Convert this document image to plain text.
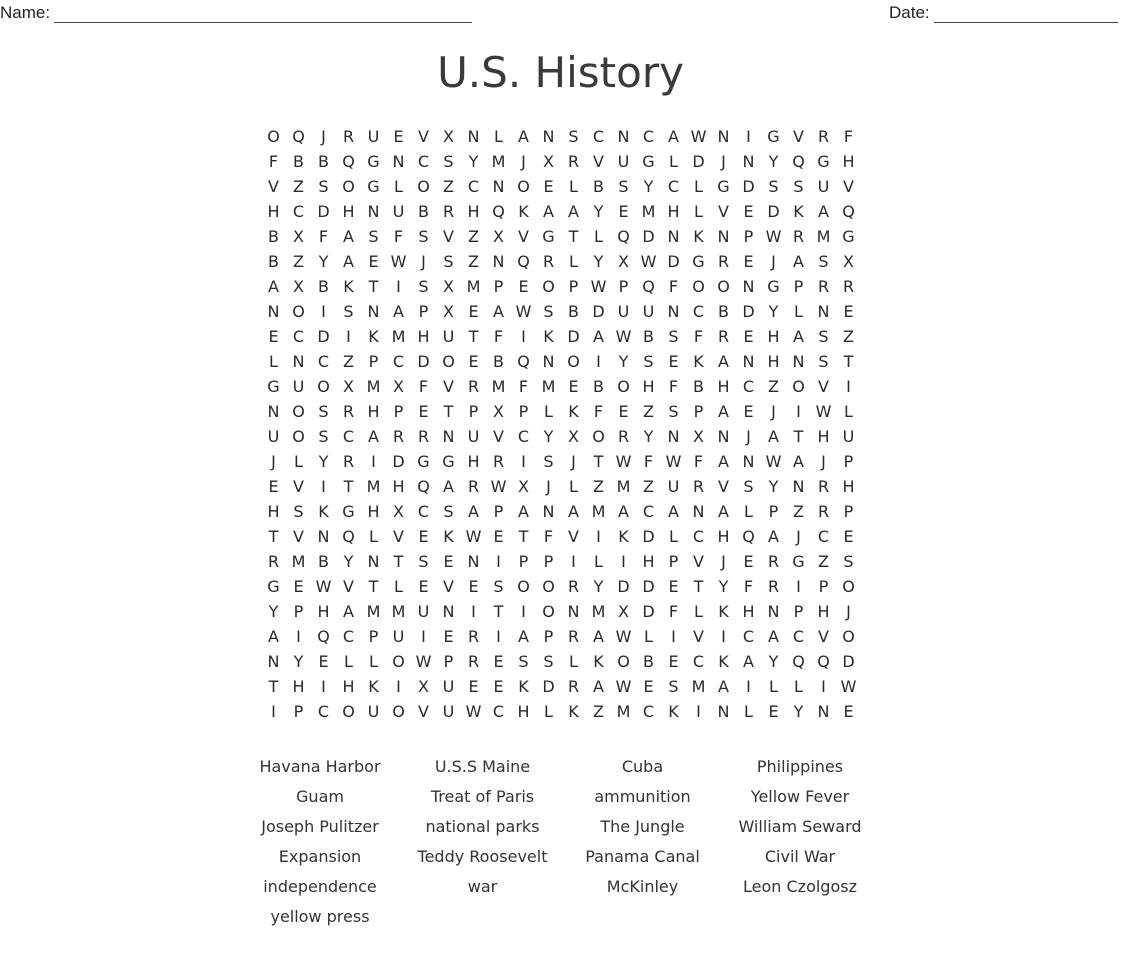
Name:	Date:
U.S. History
O Q	J	R U E V X N L A N S C N C A W N	I	G V R F
F B B Q G N C S Y M J	X R V U G L D	J	N Y Q G H
V Z S O G L O Z C N O E L B S Y C L G D S S U V
H C D H N U B R H Q K A A Y E M H L V E D K A Q
B X F A S F S V Z X V G T L Q D N K N P W R M G
B Z Y A E W J	S Z N Q R L Y X W D G R E	J	A S X
A X B K T	I	S X M P E O P W P Q F O O N G P R R
N O	I	S N A P X E A W S B D U U N C B D Y L N E
E C D	I	K M H U T F	I	K D A W B S F R E H A S Z
L N C Z P C D O E B Q N O	I	Y S E K A N H N S T
G U O X M X F V R M F M E B O H F B H C Z O V	I
N O S R H P E T P X P L K F E Z S P A E	J	I W L
U O S C A R R N U V C Y X O R Y N X N	J	A T H U
J	L Y R	I	D G G H R	I	S	J	T W F W F A N W A	J	P
E V	I	T M H Q A R W X	J	L Z M Z U R V S Y N R H
H S K G H X C S A P A N A M A C A N A L P Z R P
T V N Q L V E K W E T F V	I	K D L C H Q A	J	C E
R M B Y N T S E N	I	P P	I	L	I	H P V	J	E R G Z S
G E W V T L E V E S O O R Y D D E T Y F R	I	P O
Y P H A M M U N	I	T	I	O N M X D F L K H N P H	J
A	I	Q C P U	I	E R	I	A P R A W L	I	V	I	C A C V O
N Y E L	L O W P R E S S L K O B E C K A Y Q Q D
T H	I	H K	I	X U E E K D R A W E S M A	I	L	L	I W
I	P C O U O V U W C H L K Z M C K	I	N L E Y N E
Havana Harbor	U.S.S Maine	Cuba	Philippines
Guam	Treat of Paris	ammunition	Yellow Fever
Joseph Pulitzer	national parks	The Jungle	William Seward
Expansion	Teddy Roosevelt	Panama Canal	Civil War
independence	war	McKinley	Leon Czolgosz
yellow press
